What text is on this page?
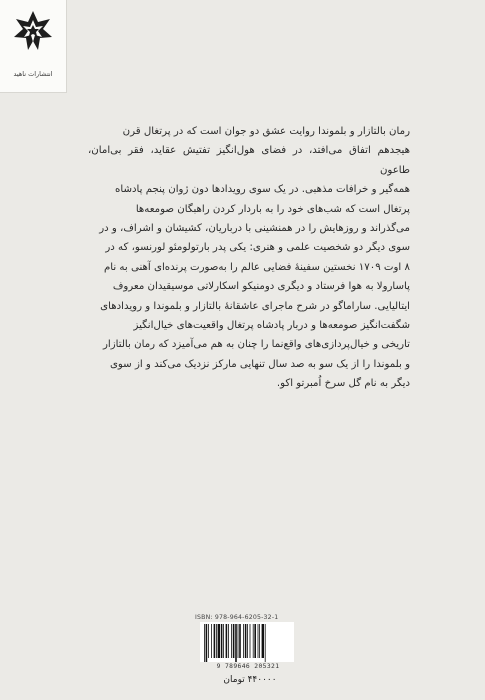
انتشارات ناهید

رمان بالتازار و بلموندا روایت عشق دو جوان است که در پرتغال قرن

هیجدهم اتفاق می‌افتد، در فضای هول‌انگیز تفتیش عقاید، فقر بی‌امان، طاعون

همه‌گیر و خرافات مذهبی. در یک سوی رویدادها دون ژوان پنجم پادشاه

پرتغال است که شب‌های خود را به باردار کردن راهبگان صومعه‌ها

می‌گذراند و روزهایش را در همنشینی با درباریان، کشیشان و اشراف، و در

سوی دیگر دو شخصیت علمی و هنری: یکی پدر بارتولومئو لورنسو، که در

۸ اوت ۱۷۰۹ نخستین سفینهٔ فضایی عالم را به‌صورت پرنده‌ای آهنی به نام

پاسارولا به هوا فرستاد و دیگری دومنیکو اسکارلاتی موسیقیدان معروف

ایتالیایی. ساراماگو در شرح ماجرای عاشقانهٔ بالتازار و بلموندا و رویدادهای

شگفت‌انگیز صومعه‌ها و دربار پادشاه پرتغال واقعیت‌های خیال‌انگیز

تاریخی و خیال‌پردازی‌های واقع‌نما را چنان به هم می‌آمیزد که رمان بالتازار

و بلموندا را از یک سو به صد سال تنهایی مارکز نزدیک می‌کند و از سوی

دیگر به نام گل سرخ اُمبرتو اکو.

ISBN: 978-964-6205-32-1
9 789646 205321
۴۴۰۰۰۰ تومان
